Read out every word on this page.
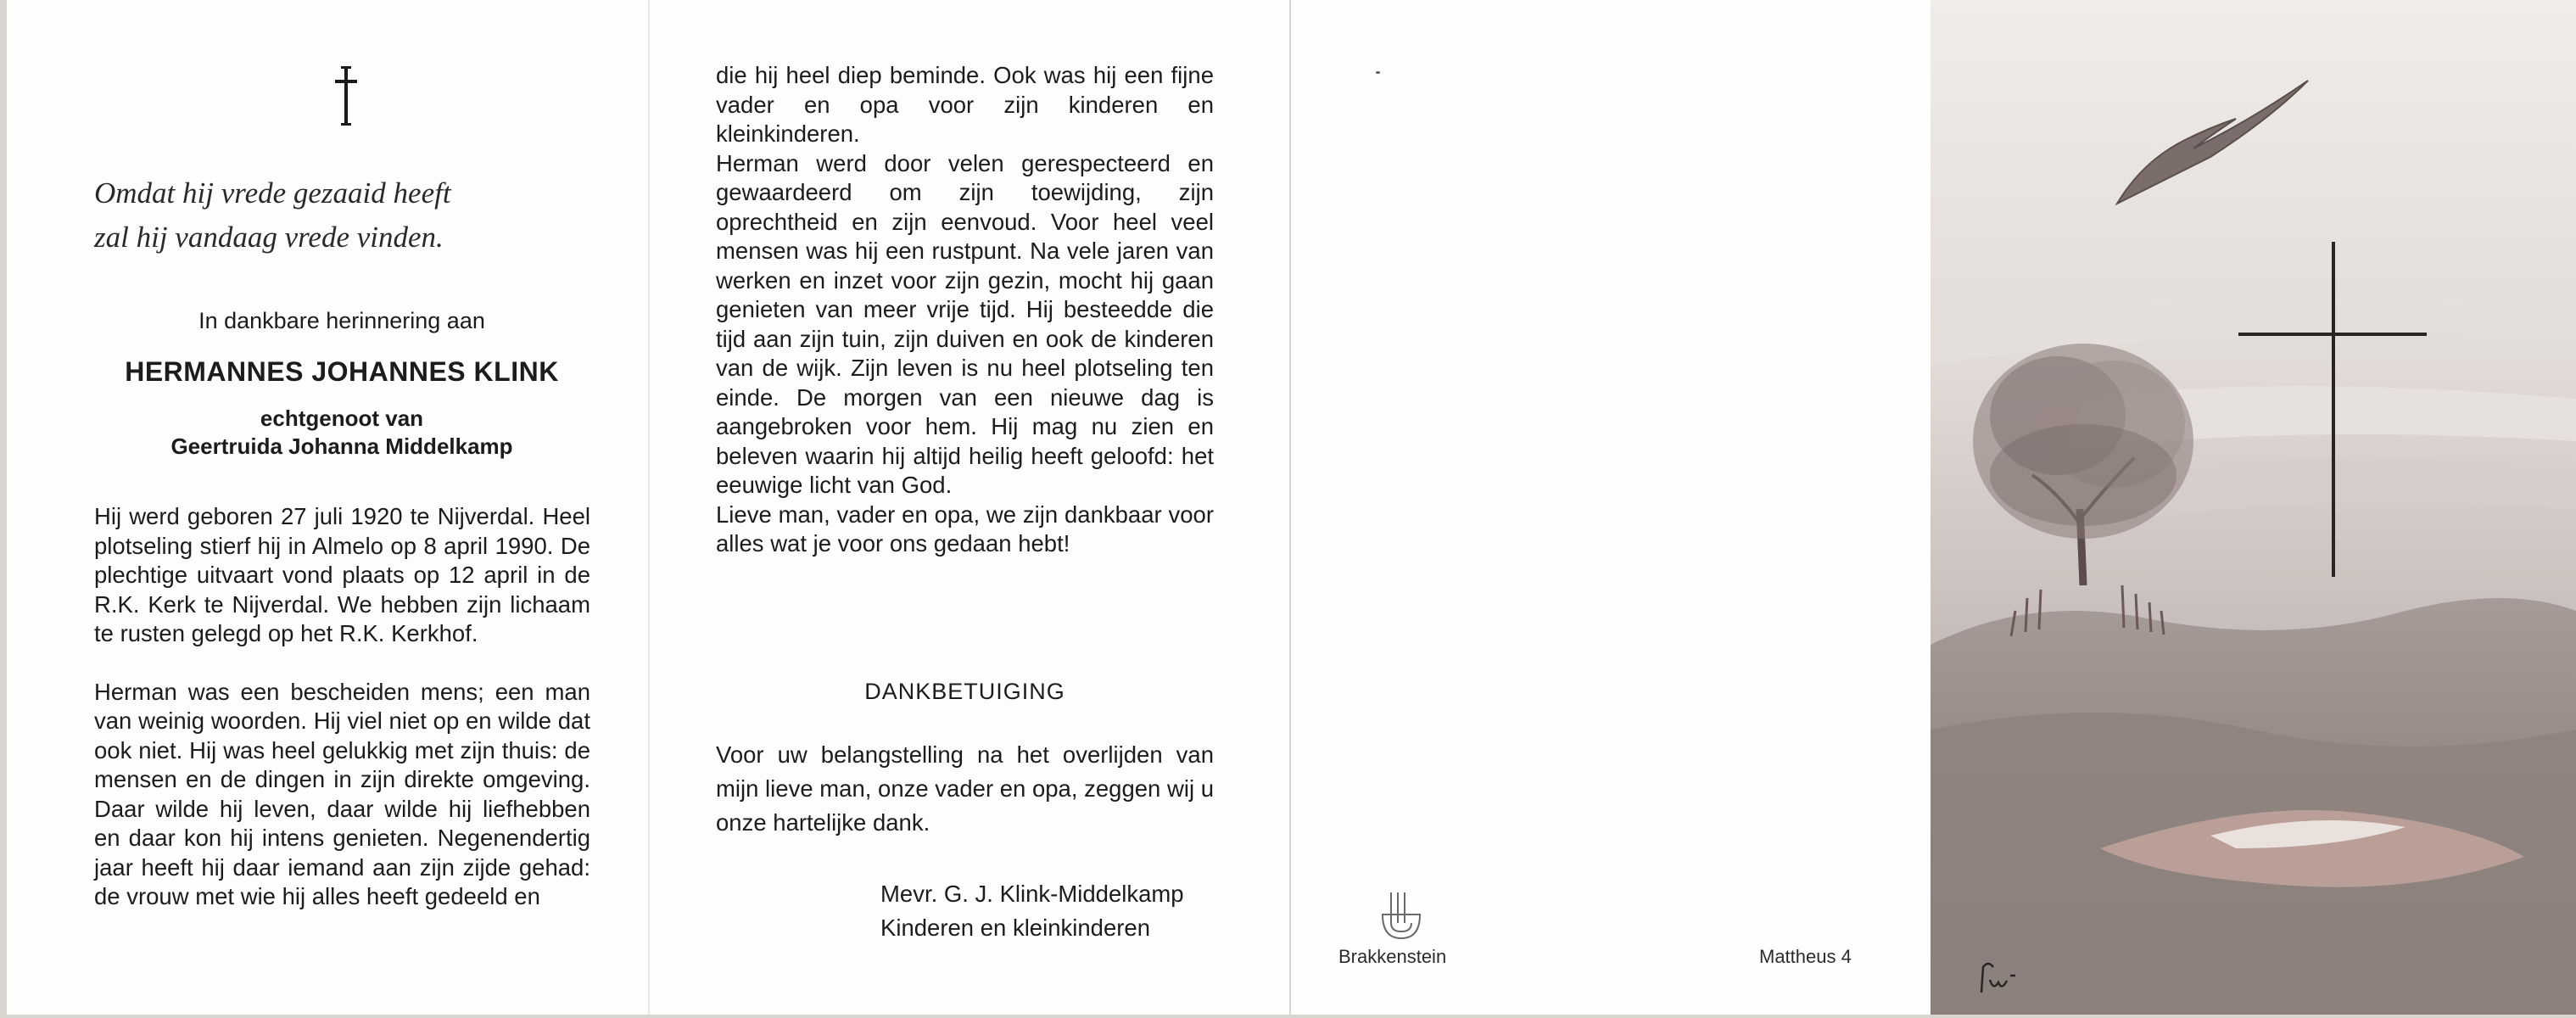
Omdat hij vrede gezaaid heeft
zal hij vandaag vrede vinden.
In dankbare herinnering aan
HERMANNES JOHANNES KLINK
echtgenoot van
Geertruida Johanna Middelkamp

Hij werd geboren 27 juli 1920 te Nijverdal. Heel plotseling stierf hij in Almelo op 8 april 1990. De plechtige uitvaart vond plaats op 12 april in de R.K. Kerk te Nijverdal. We hebben zijn lichaam te rusten gelegd op het R.K. Kerkhof.

Herman was een bescheiden mens; een man van weinig woorden. Hij viel niet op en wilde dat ook niet. Hij was heel gelukkig met zijn thuis: de mensen en de dingen in zijn direkte omgeving. Daar wilde hij leven, daar wilde hij liefhebben en daar kon hij intens genieten. Negenendertig jaar heeft hij daar iemand aan zijn zijde gehad: de vrouw met wie hij alles heeft gedeeld en

die hij heel diep beminde. Ook was hij een fijne vader en opa voor zijn kinderen en kleinkinderen.

Herman werd door velen gerespecteerd en gewaardeerd om zijn toewijding, zijn oprechtheid en zijn eenvoud. Voor heel veel mensen was hij een rustpunt. Na vele jaren van werken en inzet voor zijn gezin, mocht hij gaan genieten van meer vrije tijd. Hij besteedde die tijd aan zijn tuin, zijn duiven en ook de kinderen van de wijk. Zijn leven is nu heel plotseling ten einde. De morgen van een nieuwe dag is aangebroken voor hem. Hij mag nu zien en beleven waarin hij altijd heilig heeft geloofd: het eeuwige licht van God.

Lieve man, vader en opa, we zijn dankbaar voor alles wat je voor ons gedaan hebt!

DANKBETUIGING

Voor uw belangstelling na het overlijden van mijn lieve man, onze vader en opa, zeggen wij u onze hartelijke dank.

Mevr. G. J. Klink-Middelkamp
Kinderen en kleinkinderen
Brakkenstein	Mattheus 4
